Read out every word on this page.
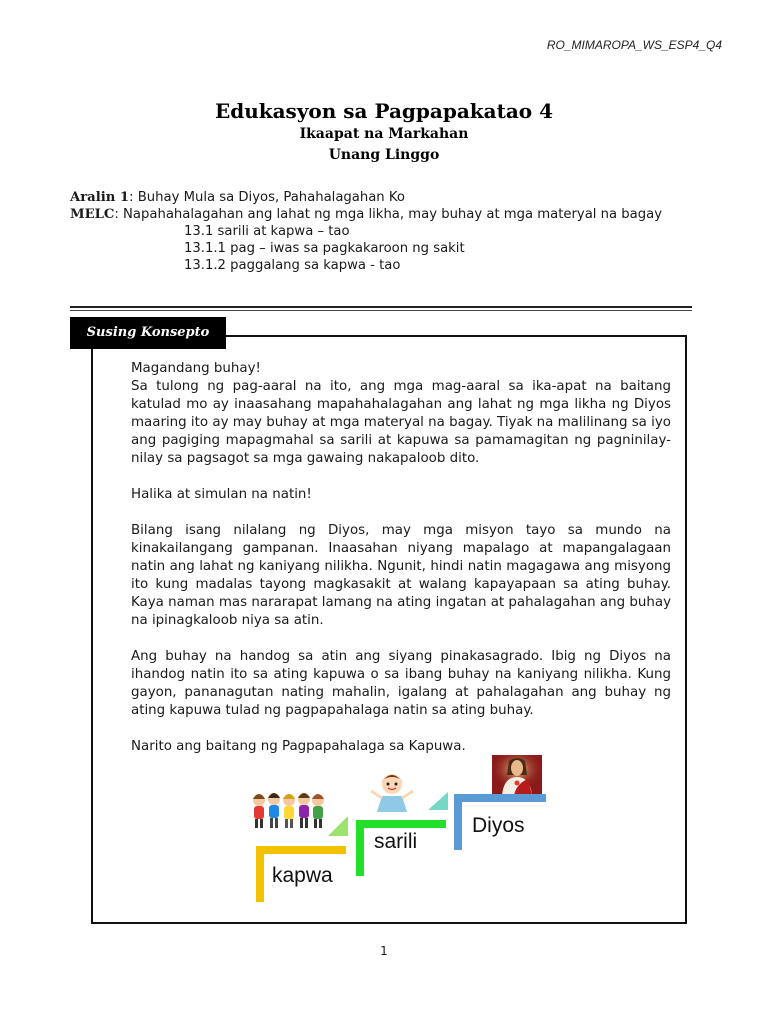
RO_MIMAROPA_WS_ESP4_Q4
Edukasyon sa Pagpapakatao 4
Ikaapat na Markahan
Unang Linggo
Aralin 1: Buhay Mula sa Diyos, Pahahalagahan Ko
MELC: Napahahalagahan ang lahat ng mga likha, may buhay at mga materyal na bagay
13.1 sarili at kapwa – tao
13.1.1 pag – iwas sa pagkakaroon ng sakit
13.1.2 paggalang sa kapwa - tao
Susing Konsepto

Magandang buhay!

Sa tulong ng pag-aaral na ito, ang mga mag-aaral sa ika-apat na baitang katulad mo ay inaasahang mapahahalagahan ang lahat ng mga likha ng Diyos maaring ito ay may buhay at mga materyal na bagay. Tiyak na malilinang sa iyo ang pagiging mapagmahal sa sarili at kapuwa sa pamamagitan ng pagninilay-nilay sa pagsagot sa mga gawaing nakapaloob dito.

Halika at simulan na natin!

Bilang isang nilalang ng Diyos, may mga misyon tayo sa mundo na kinakailangang gampanan. Inaasahan niyang mapalago at mapangalagaan natin ang lahat ng kaniyang nilikha. Ngunit, hindi natin magagawa ang misyong ito kung madalas tayong magkasakit at walang kapayapaan sa ating buhay. Kaya naman mas nararapat lamang na ating ingatan at pahalagahan ang buhay na ipinagkaloob niya sa atin.

Ang buhay na handog sa atin ang siyang pinakasagrado. Ibig ng Diyos na ihandog natin ito sa ating kapuwa o sa ibang buhay na kaniyang nilikha. Kung gayon, pananagutan nating mahalin, igalang at pahalagahan ang buhay ng ating kapuwa tulad ng pagpapahalaga natin sa ating buhay.

Narito ang baitang ng Pagpapahalaga sa Kapuwa.

kapwa
sarili
Diyos
1
